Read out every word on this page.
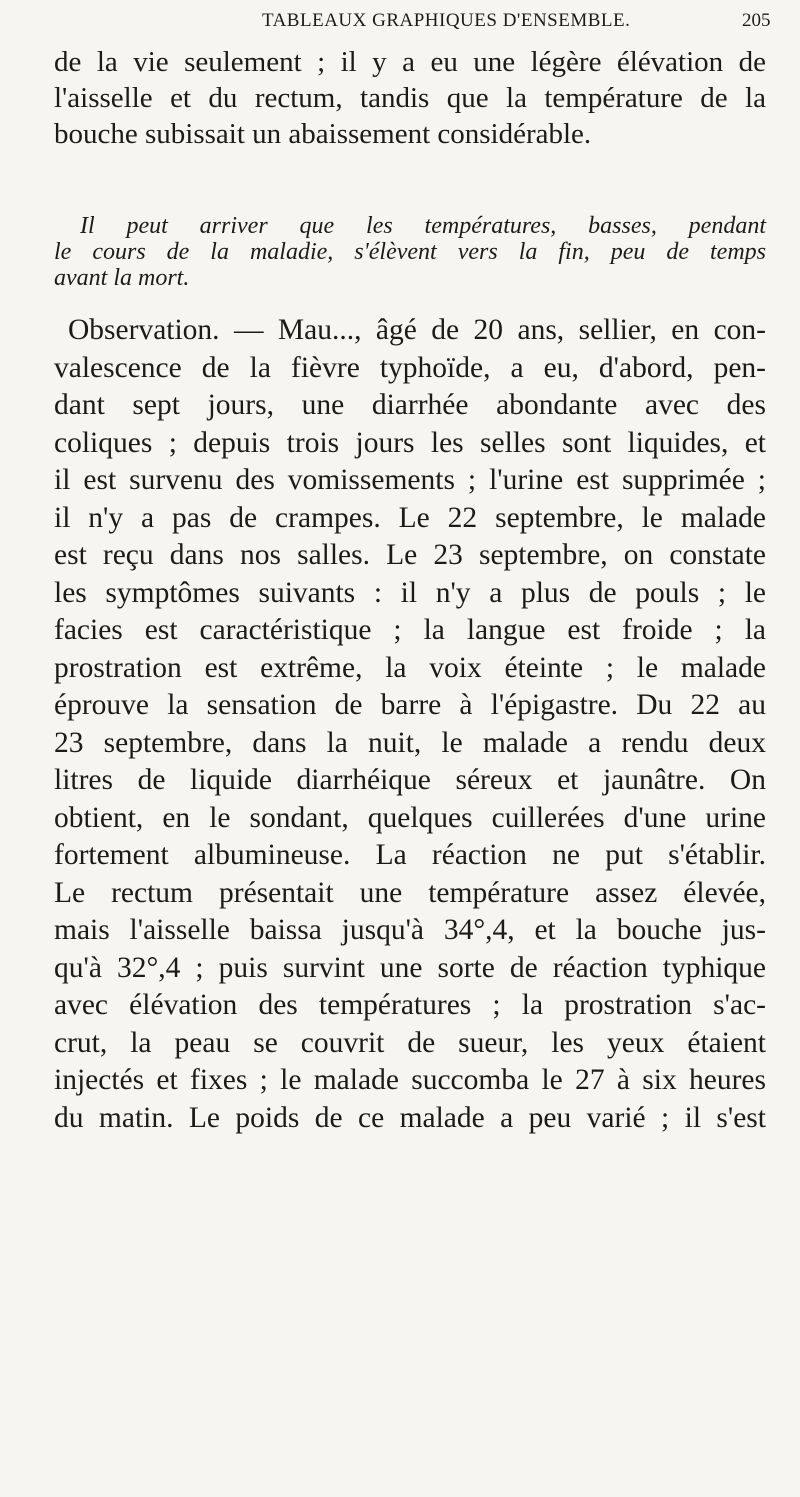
TABLEAUX GRAPHIQUES D'ENSEMBLE.	205

de la vie seulement ; il y a eu une légère élévation de
l'aisselle et du rectum, tandis que la température de la
bouche subissait un abaissement considérable.

Il peut arriver que les températures, basses, pendant
le cours de la maladie, s'élèvent vers la fin, peu de temps
avant la mort.

Observation. — Mau..., âgé de 20 ans, sellier, en con-
valescence de la fièvre typhoïde, a eu, d'abord, pen-
dant sept jours, une diarrhée abondante avec des
coliques ; depuis trois jours les selles sont liquides, et
il est survenu des vomissements ; l'urine est supprimée ;
il n'y a pas de crampes. Le 22 septembre, le malade
est reçu dans nos salles. Le 23 septembre, on constate
les symptômes suivants : il n'y a plus de pouls ; le
facies est caractéristique ; la langue est froide ; la
prostration est extrême, la voix éteinte ; le malade
éprouve la sensation de barre à l'épigastre. Du 22 au
23 septembre, dans la nuit, le malade a rendu deux
litres de liquide diarrhéique séreux et jaunâtre. On
obtient, en le sondant, quelques cuillerées d'une urine
fortement albumineuse. La réaction ne put s'établir.
Le rectum présentait une température assez élevée,
mais l'aisselle baissa jusqu'à 34°,4, et la bouche jus-
qu'à 32°,4 ; puis survint une sorte de réaction typhique
avec élévation des températures ; la prostration s'ac-
crut, la peau se couvrit de sueur, les yeux étaient
injectés et fixes ; le malade succomba le 27 à six heures
du matin. Le poids de ce malade a peu varié ; il s'est
